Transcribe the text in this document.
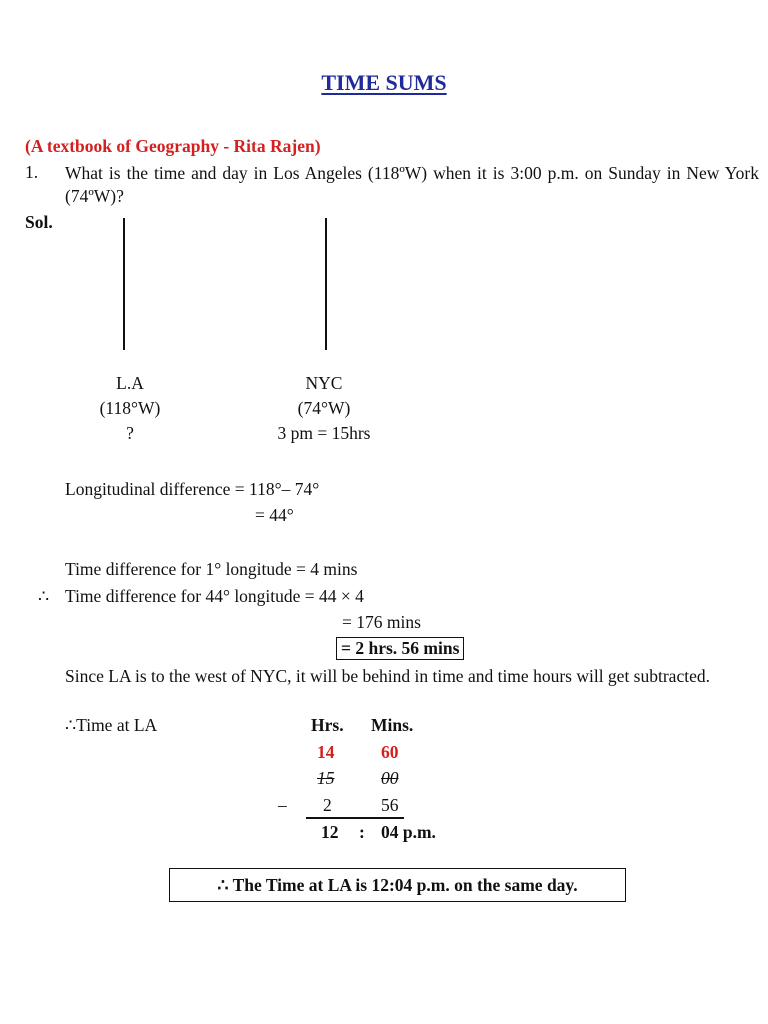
TIME SUMS
(A textbook of Geography - Rita Rajen)
1. What is the time and day in Los Angeles (118ºW) when it is 3:00 p.m. on Sunday in New York (74ºW)?
Sol.
L.A
(118°W)
?
NYC
(74°W)
3 pm = 15hrs
Longitudinal difference = 118°– 74°
= 44°
Time difference for 1° longitude = 4 mins
∴ Time difference for 44° longitude = 44 × 4
= 176 mins
= 2 hrs. 56 mins
Since LA is to the west of NYC, it will be behind in time and time hours will get subtracted.
∴Time at LA	Hrs. Mins.
14	60
15	00
– 2	56
12 : 04 p.m.
∴ The Time at LA is 12:04 p.m. on the same day.
